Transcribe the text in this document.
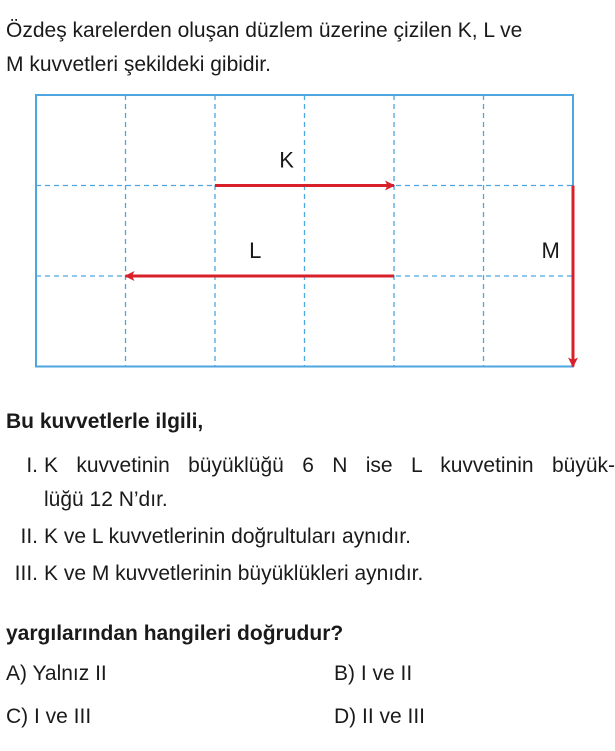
Özdeş karelerden oluşan düzlem üzerine çizilen K, L ve
M kuvvetleri şekildeki gibidir.

K
L	M

Bu kuvvetlerle ilgili,

I. K kuvvetinin büyüklüğü 6 N ise L kuvvetinin büyük-
lüğü 12 N’dır.
II. K ve L kuvvetlerinin doğrultuları aynıdır.
III. K ve M kuvvetlerinin büyüklükleri aynıdır.

yargılarından hangileri doğrudur?

A) Yalnız II	B) I ve II
C) I ve III	D) II ve III
